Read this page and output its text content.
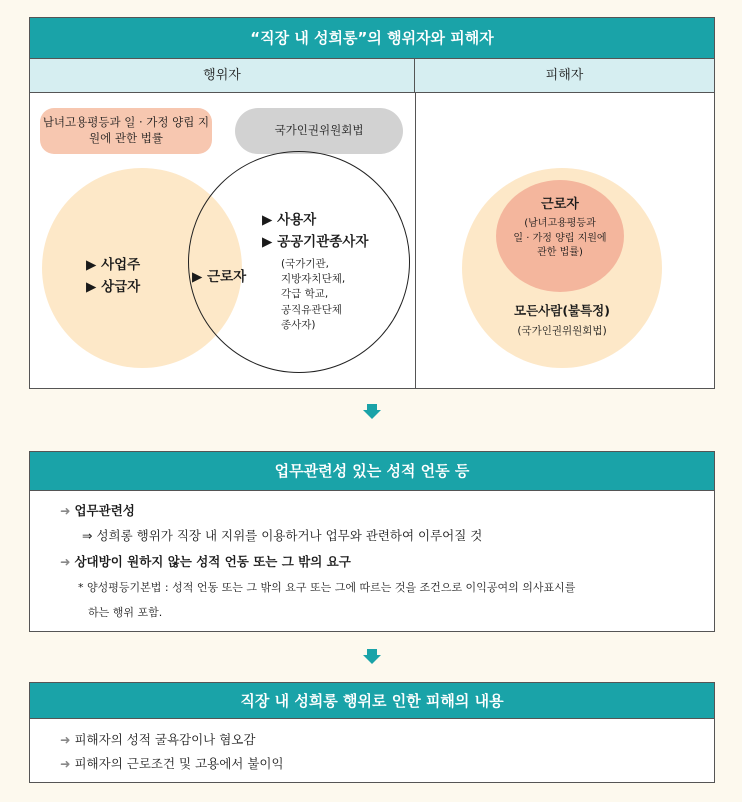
“직장 내 성희롱”의 행위자와 피해자
행위자	피해자
남녀고용평등과 일 · 가정 양립 지원에 관한 법률
국가인권위원회법
▶ 사업주
▶ 상급자
▶ 근로자
▶ 사용자
▶ 공공기관종사자
(국가기관,
지방자치단체,
각급 학교,
공직유관단체
종사자)
근로자
(남녀고용평등과
일 · 가정 양립 지원에
관한 법률)
모든사람(불특정)
(국가인권위원회법)
업무관련성 있는 성적 언동 등
➜ 업무관련성
⇒ 성희롱 행위가 직장 내 지위를 이용하거나 업무와 관련하여 이루어질 것
➜ 상대방이 원하지 않는 성적 언동 또는 그 밖의 요구
* 양성평등기본법 : 성적 언동 또는 그 밖의 요구 또는 그에 따르는 것을 조건으로 이익공여의 의사표시를
하는 행위 포함.
직장 내 성희롱 행위로 인한 피해의 내용
➜ 피해자의 성적 굴욕감이나 혐오감
➜ 피해자의 근로조건 및 고용에서 불이익
